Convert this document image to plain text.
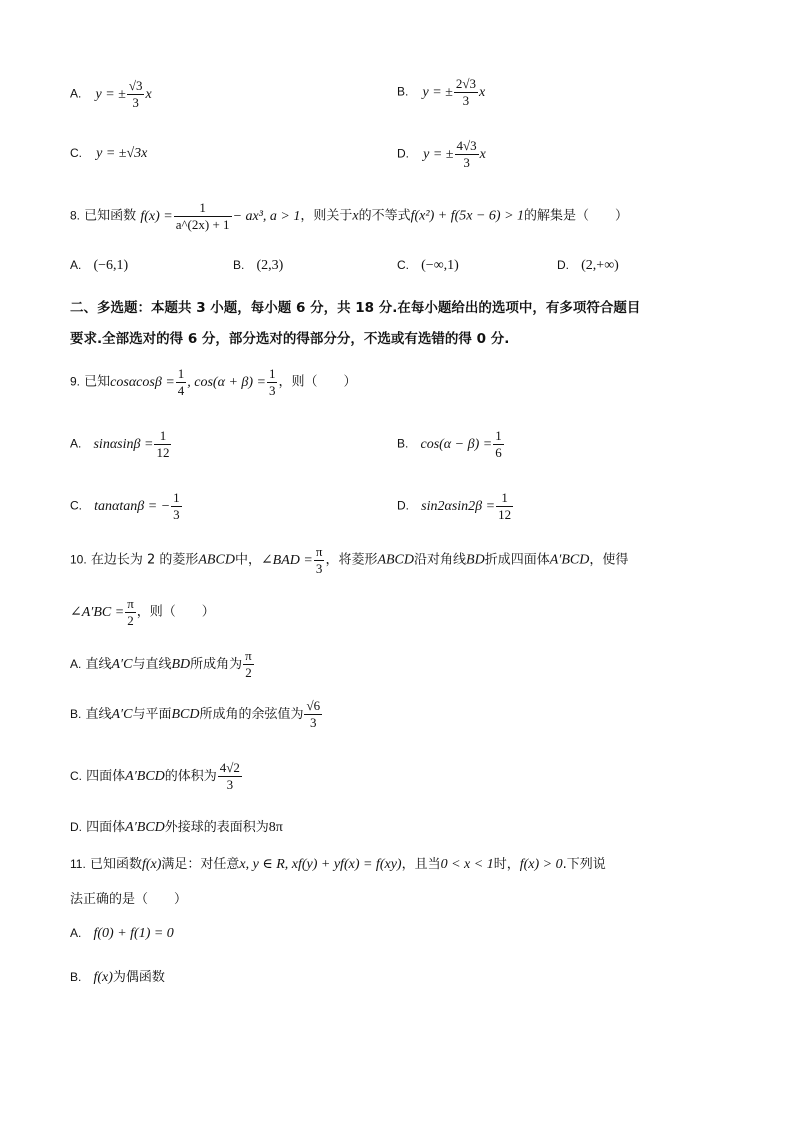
A. y = ± $\frac{√3}{3}$ x	B. y = ± $\frac{2√3}{3}$ x
C. y = ±√3x	D. y = ± $\frac{4√3}{3}$ x
8. 已知函数 $f(x) = \frac{1}{a\^{}(2x) + 1} - ax^3$, a > 1，则关于x的不等式f(x²) + f(5x − 6) > 1的解集是（　　）
A. (−6,1)	B. (2,3)	C. (−∞,1)	D. (2,+∞)
二、多选题：本题共 3 小题，每小题 6 分，共 18 分.在每小题给出的选项中，有多项符合题目
要求.全部选对的得 6 分，部分选对的得部分分，不选或有选错的得 0 分.
9. 已知$\cos\alpha\cos\beta = \frac{1}{4}$ , $\cos(\alpha + \beta) = \frac{1}{3}$ ，则（　　）
A. $\sin\alpha\sin\beta = \frac{1}{12}$	B. $\cos(\alpha - \beta) = \frac{1}{6}$
C. tanαtanβ = − $\frac{1}{3}$	D. $\sin 2\alpha\sin 2\beta = \frac{1}{12}$
10. 在边长为 2 的菱形ABCD中，∠BAD = $\frac{\pi}{3}$ ，将菱形ABCD沿对角线BD折成四面体A′BCD，使得
∠A′BC = $\frac{\pi}{2}$ ，则（　　）
A. 直线A′C与直线BD所成角为 $\frac{\pi}{2}$
B. 直线A′C与平面BCD所成角的余弦值为 $\frac{√6}{3}$
C. 四面体A′BCD的体积为 $\frac{4√2}{3}$
D. 四面体A′BCD外接球的表面积为8π
11. 已知函数f(x)满足：对任意x, y ∈ R, xf(y) + yf(x) = f(xy)，且当0 < x < 1时，f(x) > 0.下列说
法正确的是（　　）
A. f(0) + f(1) = 0
B. f(x)为偶函数
